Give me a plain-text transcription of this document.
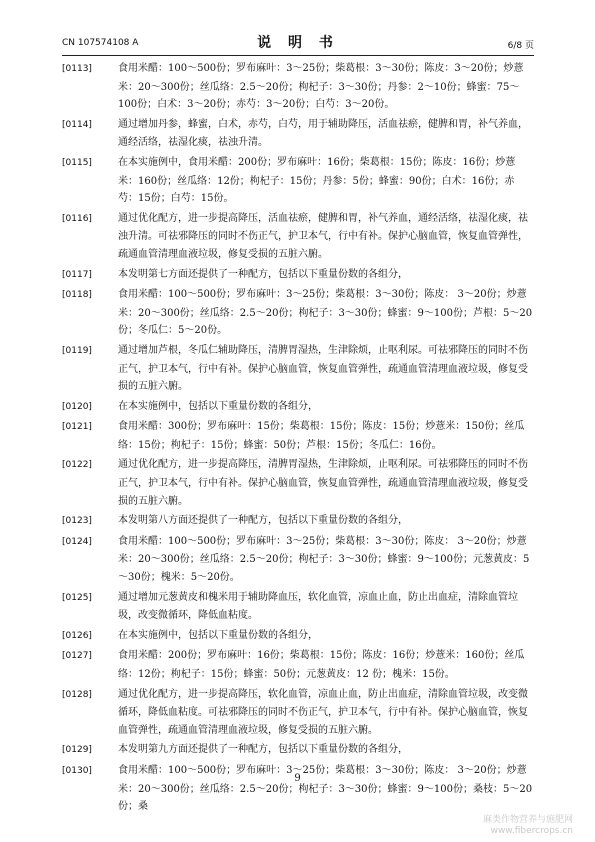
CN 107574108 A	说 明 书	6/8 页
[0113]	食用米醋：100～500份；罗布麻叶：3～25份；柴葛根：3～30份；陈皮：3～20份；炒薏米：20～300份；丝瓜络：2.5～20份；枸杞子：3～30份；丹参：2～10份；蜂蜜：75～100份；白术：3～20份；赤芍：3～20份；白芍：3～20份。
[0114]	通过增加丹参，蜂蜜，白术，赤芍，白芍，用于辅助降压，活血祛瘀，健脾和胃，补气养血，通经活络，祛湿化痰，祛浊升清。
[0115]	在本实施例中，食用米醋：200份；罗布麻叶：16份；柴葛根：15份；陈皮：16份；炒薏米：160份；丝瓜络：12份；枸杞子：15份；丹参：5份；蜂蜜：90份；白术：16份；赤芍：15份；白芍：15份。
[0116]	通过优化配方，进一步提高降压，活血祛瘀，健脾和胃，补气养血，通经活络，祛湿化痰，祛浊升清。可祛邪降压的同时不伤正气，护卫本气，行中有补。保护心脑血管，恢复血管弹性，疏通血管清理血液垃圾，修复受损的五脏六腑。
[0117]	本发明第七方面还提供了一种配方，包括以下重量份数的各组分，
[0118]	食用米醋：100～500份；罗布麻叶：3～25份；柴葛根：3～30份；陈皮： 3～20份；炒薏米：20～300份；丝瓜络：2.5～20份；枸杞子：3～30份；蜂蜜：9～100份；芦根：5～20份；冬瓜仁：5～20份。
[0119]	通过增加芦根，冬瓜仁辅助降压，清脾胃湿热，生津除烦，止呕利尿。可祛邪降压的同时不伤正气，护卫本气，行中有补。保护心脑血管，恢复血管弹性，疏通血管清理血液垃圾，修复受损的五脏六腑。
[0120]	在本实施例中，包括以下重量份数的各组分，
[0121]	食用米醋：300份；罗布麻叶：15份；柴葛根：15份；陈皮：15份；炒薏米：150份；丝瓜络：15份；枸杞子：15份；蜂蜜：50份；芦根：15份；冬瓜仁：16份。
[0122]	通过优化配方，进一步提高降压，清脾胃湿热，生津除烦，止呕利尿。可祛邪降压的同时不伤正气，护卫本气，行中有补。保护心脑血管，恢复血管弹性，疏通血管清理血液垃圾，修复受损的五脏六腑。
[0123]	本发明第八方面还提供了一种配方，包括以下重量份数的各组分，
[0124]	食用米醋：100～500份；罗布麻叶：3～25份；柴葛根：3～30份；陈皮： 3～20份；炒薏米：20～300份；丝瓜络：2.5～20份；枸杞子：3～30份；蜂蜜：9～100份；元葱黄皮：5～30份；槐米：5～20份。
[0125]	通过增加元葱黄皮和槐米用于辅助降血压，软化血管，凉血止血，防止出血症，清除血管垃圾，改变微循环，降低血粘度。
[0126]	在本实施例中，包括以下重量份数的各组分，
[0127]	食用米醋：200份；罗布麻叶：16份；柴葛根：15份；陈皮：16份；炒薏米：160份；丝瓜络：12份；枸杞子：15份；蜂蜜：50份；元葱黄皮：12 份；槐米：15份。
[0128]	通过优化配方，进一步提高降压，软化血管，凉血止血，防止出血症，清除血管垃圾，改变微循环，降低血粘度。可祛邪降压的同时不伤正气，护卫本气，行中有补。保护心脑血管，恢复血管弹性，疏通血管清理血液垃圾，修复受损的五脏六腑。
[0129]	本发明第九方面还提供了一种配方，包括以下重量份数的各组分，
[0130]	食用米醋：100～500份；罗布麻叶：3～25份；柴葛根：3～30份；陈皮： 3～20份；炒薏米：20～300份；丝瓜络：2.5～20份；枸杞子：3～30份；蜂蜜：9～100份；桑枝：5～20份；桑
9
麻类作物营养与施肥网
www.fibercrops.cn
